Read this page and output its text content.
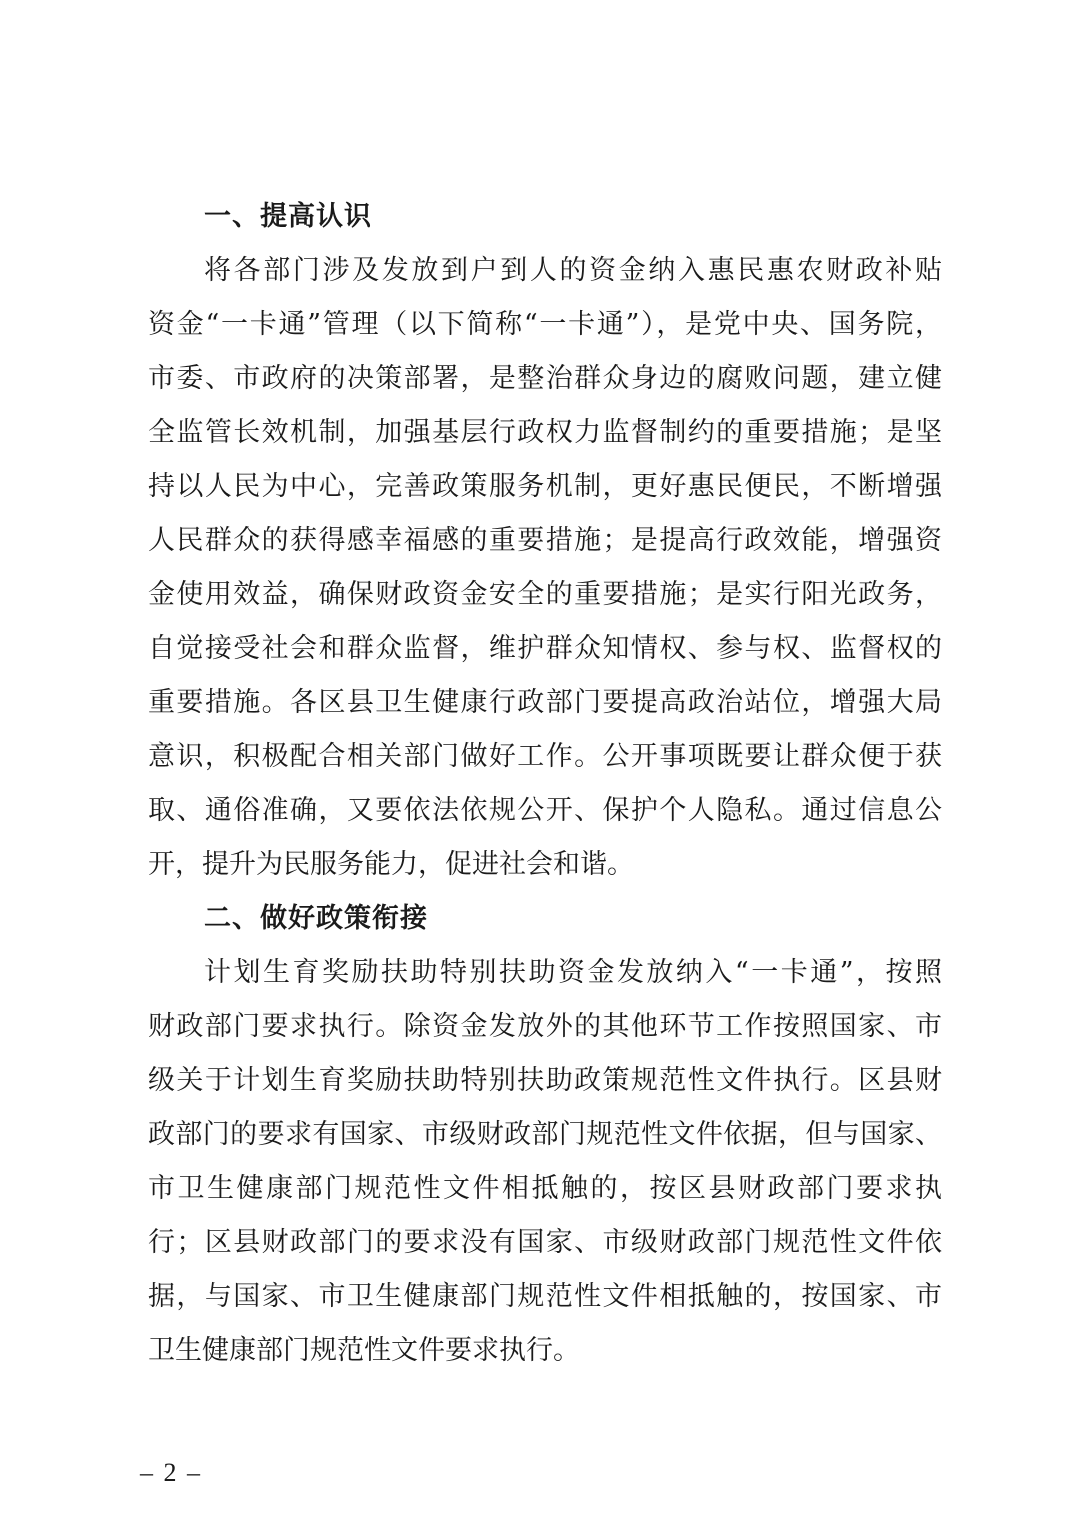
一、提高认识

将各部门涉及发放到户到人的资金纳入惠民惠农财政补贴
资金“一卡通”管理（以下简称“一卡通”），是党中央、国务院，
市委、市政府的决策部署，是整治群众身边的腐败问题，建立健
全监管长效机制，加强基层行政权力监督制约的重要措施；是坚
持以人民为中心，完善政策服务机制，更好惠民便民，不断增强
人民群众的获得感幸福感的重要措施；是提高行政效能，增强资
金使用效益，确保财政资金安全的重要措施；是实行阳光政务，
自觉接受社会和群众监督，维护群众知情权、参与权、监督权的
重要措施。各区县卫生健康行政部门要提高政治站位，增强大局
意识，积极配合相关部门做好工作。公开事项既要让群众便于获
取、通俗准确，又要依法依规公开、保护个人隐私。通过信息公
开，提升为民服务能力，促进社会和谐。

二、做好政策衔接

计划生育奖励扶助特别扶助资金发放纳入“一卡通”，按照
财政部门要求执行。除资金发放外的其他环节工作按照国家、市
级关于计划生育奖励扶助特别扶助政策规范性文件执行。区县财
政部门的要求有国家、市级财政部门规范性文件依据，但与国家、
市卫生健康部门规范性文件相抵触的，按区县财政部门要求执
行；区县财政部门的要求没有国家、市级财政部门规范性文件依
据，与国家、市卫生健康部门规范性文件相抵触的，按国家、市
卫生健康部门规范性文件要求执行。

– 2 –
